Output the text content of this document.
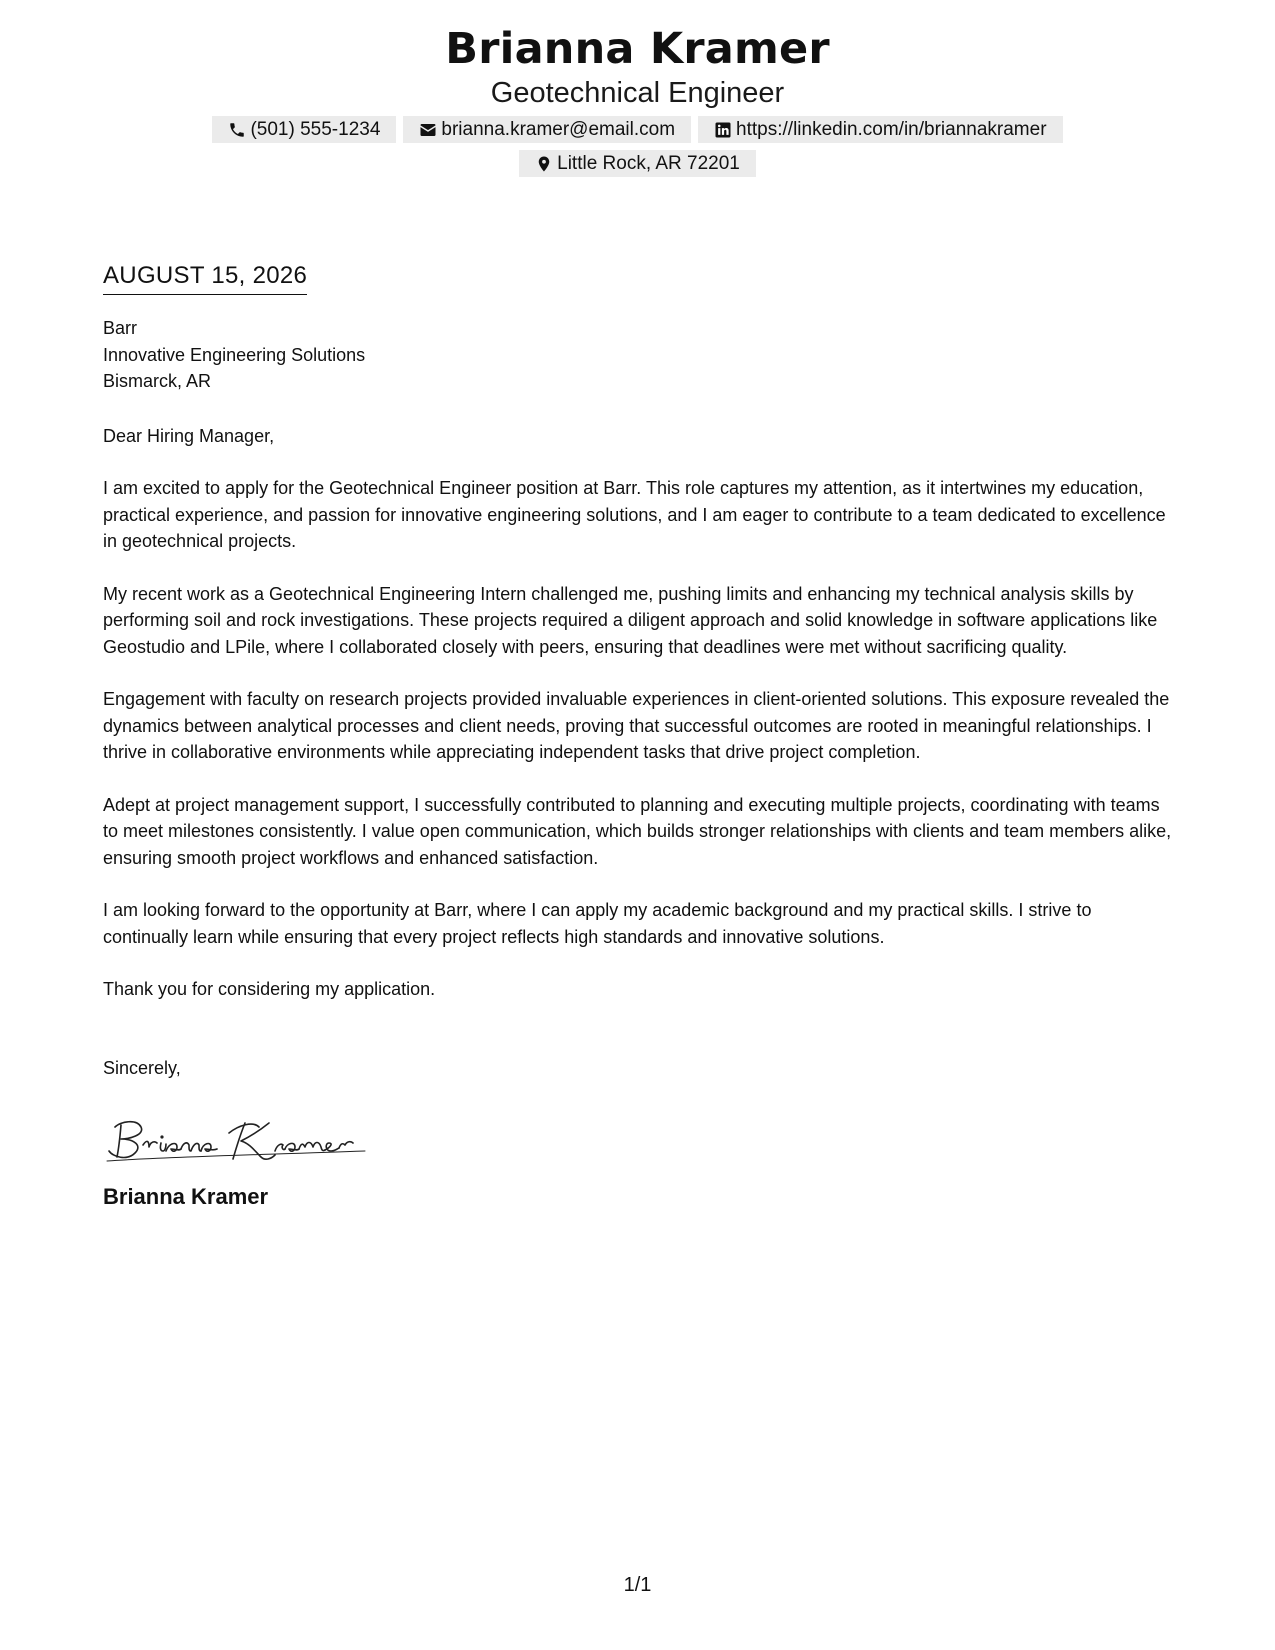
Brianna Kramer
Geotechnical Engineer
(501) 555-1234	brianna.kramer@email.com	https://linkedin.com/in/briannakramer
Little Rock, AR 72201
AUGUST 15, 2026
Barr
Innovative Engineering Solutions
Bismarck, AR
Dear Hiring Manager,

I am excited to apply for the Geotechnical Engineer position at Barr. This role captures my attention, as it intertwines my education, practical experience, and passion for innovative engineering solutions, and I am eager to contribute to a team dedicated to excellence in geotechnical projects.

My recent work as a Geotechnical Engineering Intern challenged me, pushing limits and enhancing my technical analysis skills by performing soil and rock investigations. These projects required a diligent approach and solid knowledge in software applications like Geostudio and LPile, where I collaborated closely with peers, ensuring that deadlines were met without sacrificing quality.

Engagement with faculty on research projects provided invaluable experiences in client-oriented solutions. This exposure revealed the dynamics between analytical processes and client needs, proving that successful outcomes are rooted in meaningful relationships. I thrive in collaborative environments while appreciating independent tasks that drive project completion.

Adept at project management support, I successfully contributed to planning and executing multiple projects, coordinating with teams to meet milestones consistently. I value open communication, which builds stronger relationships with clients and team members alike, ensuring smooth project workflows and enhanced satisfaction.

I am looking forward to the opportunity at Barr, where I can apply my academic background and my practical skills. I strive to continually learn while ensuring that every project reflects high standards and innovative solutions.

Thank you for considering my application.

Sincerely,
Brianna Kramer
1/1
